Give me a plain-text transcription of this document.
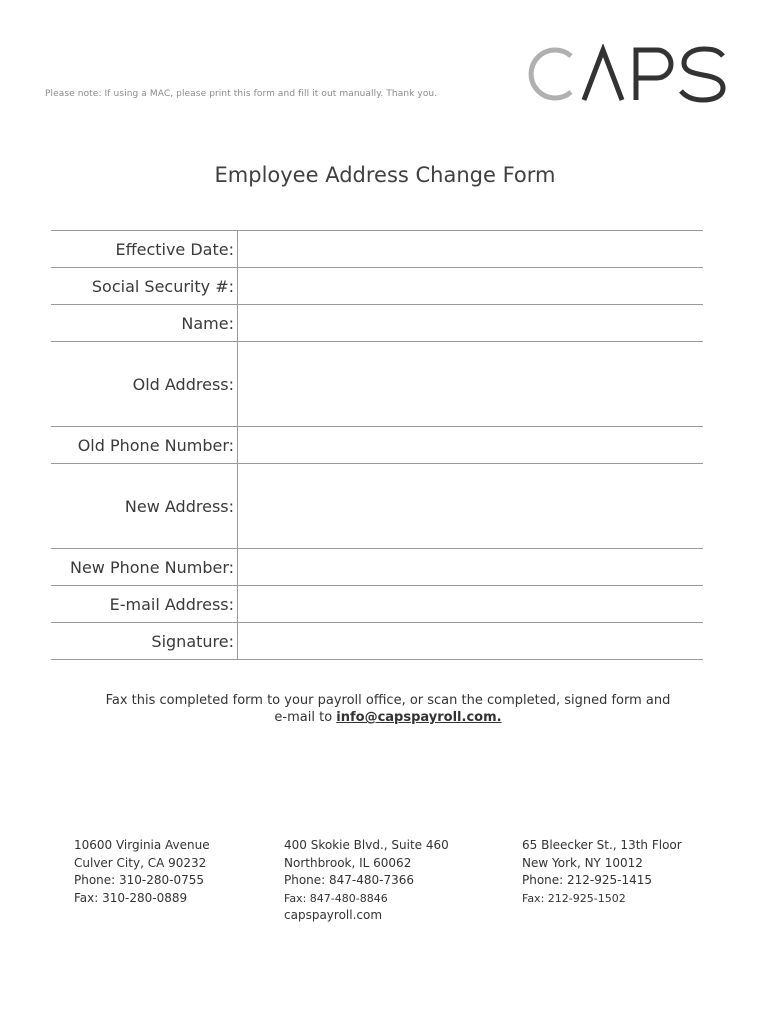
Please note: If using a MAC, please print this form and fill it out manually. Thank you.
Employee Address Change Form
Effective Date:
Social Security #:
Name:
Old Address:
Old Phone Number:
New Address:
New Phone Number:
E-mail Address:
Signature:
Fax this completed form to your payroll office, or scan the completed, signed form and
e-mail to info@capspayroll.com.
10600 Virginia Avenue
Culver City, CA 90232
Phone: 310-280-0755
Fax: 310-280-0889
400 Skokie Blvd., Suite 460
Northbrook, IL 60062
Phone: 847-480-7366
Fax: 847-480-8846
capspayroll.com
65 Bleecker St., 13th Floor
New York, NY 10012
Phone: 212-925-1415
Fax: 212-925-1502
